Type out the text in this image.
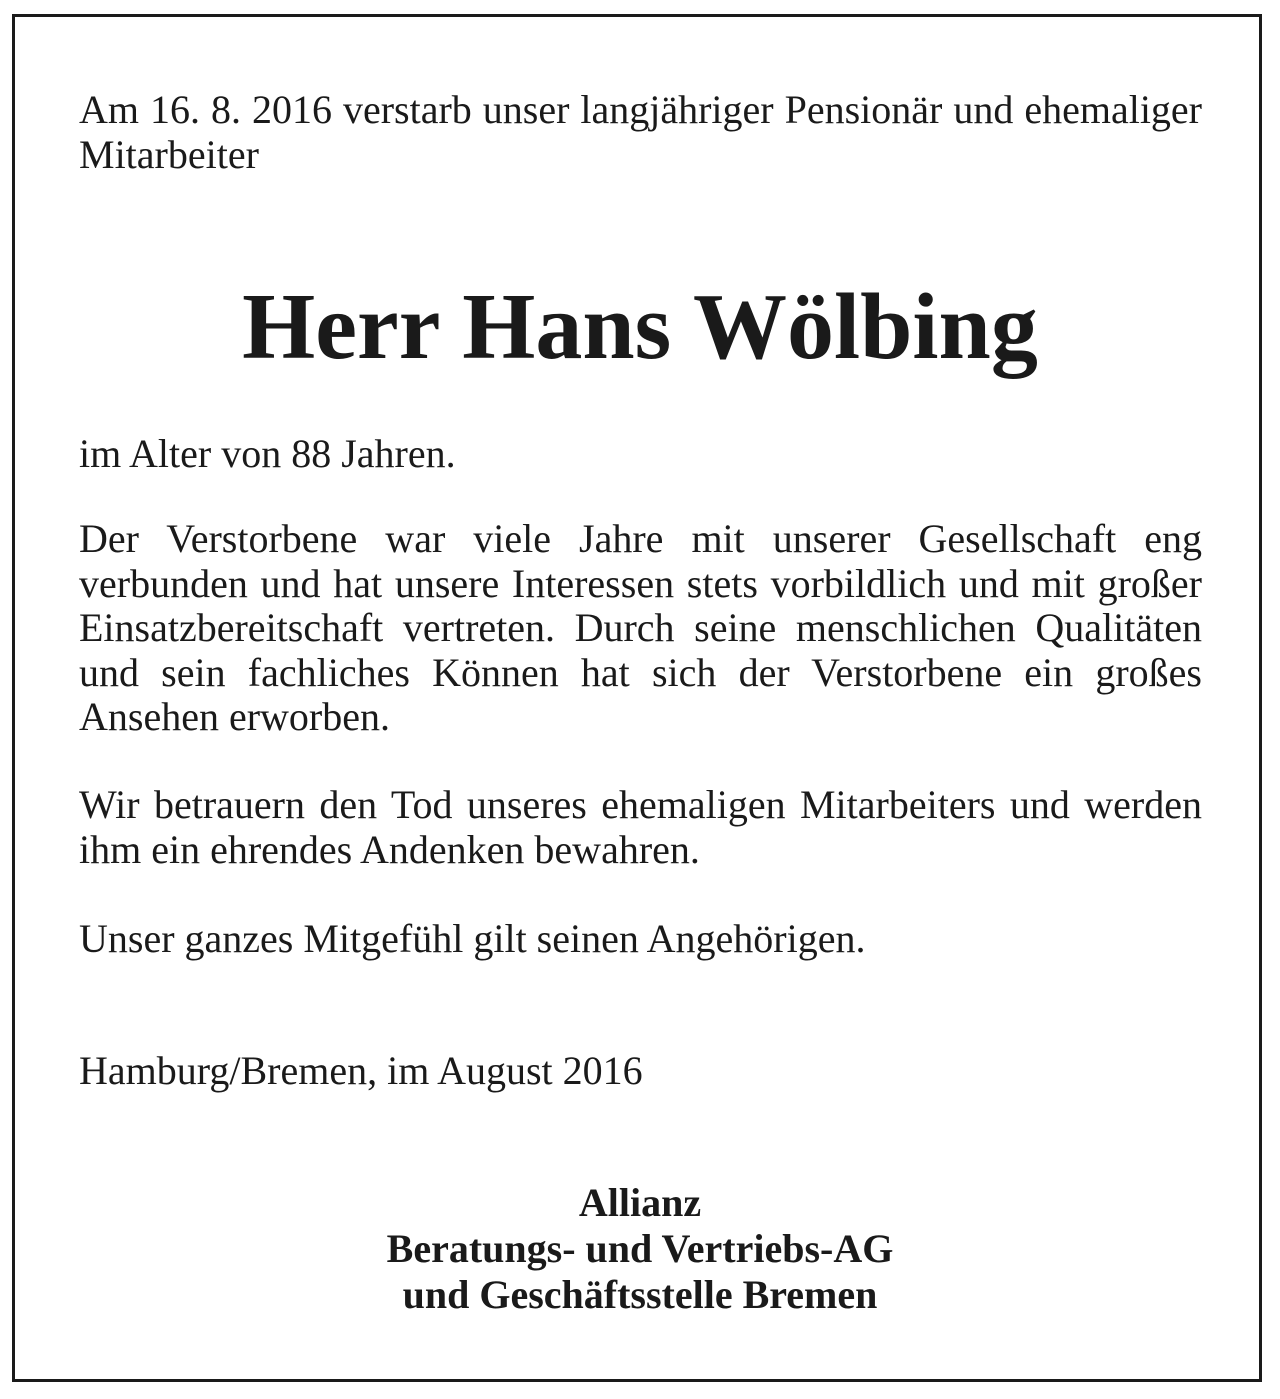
Am 16. 8. 2016 verstarb unser langjähriger Pensionär und ehemaliger Mitarbeiter

Herr Hans Wölbing

im Alter von 88 Jahren.

Der Verstorbene war viele Jahre mit unserer Gesellschaft eng verbunden und hat unsere Interessen stets vorbildlich und mit großer Einsatzbereitschaft vertreten. Durch seine menschlichen Qualitäten und sein fachliches Können hat sich der Verstorbene ein großes Ansehen erworben.

Wir betrauern den Tod unseres ehemaligen Mitarbeiters und werden ihm ein ehrendes Andenken bewahren.

Unser ganzes Mitgefühl gilt seinen Angehörigen.

Hamburg/Bremen, im August 2016

Allianz
Beratungs- und Vertriebs-AG
und Geschäftsstelle Bremen
